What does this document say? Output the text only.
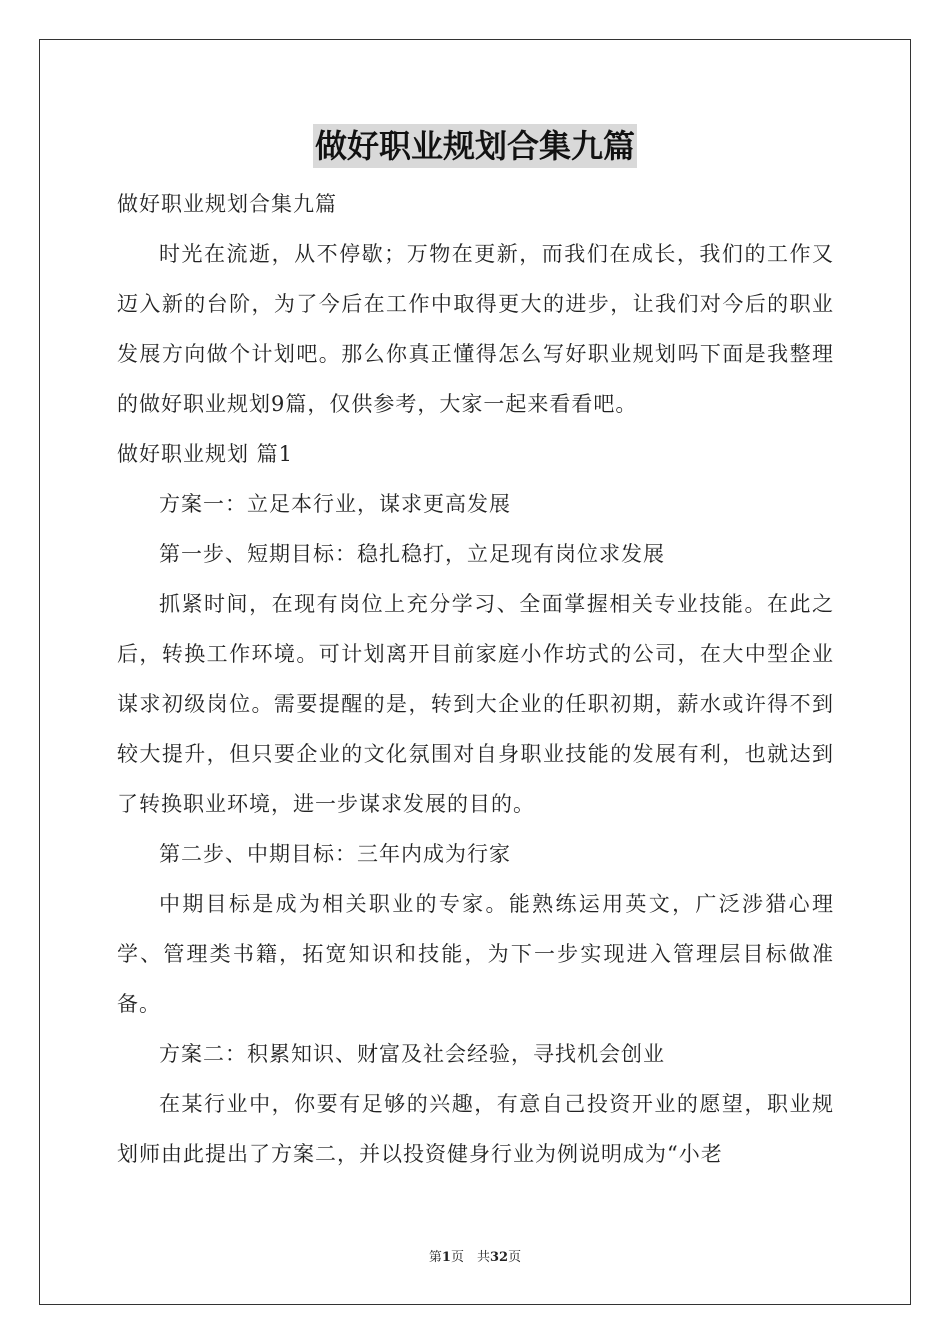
做好职业规划合集九篇

做好职业规划合集九篇

时光在流逝，从不停歇；万物在更新，而我们在成长，我们的工作又迈入新的台阶，为了今后在工作中取得更大的进步，让我们对今后的职业发展方向做个计划吧。那么你真正懂得怎么写好职业规划吗下面是我整理的做好职业规划9篇，仅供参考，大家一起来看看吧。

做好职业规划 篇1

方案一：立足本行业，谋求更高发展

第一步、短期目标：稳扎稳打，立足现有岗位求发展

抓紧时间，在现有岗位上充分学习、全面掌握相关专业技能。在此之后，转换工作环境。可计划离开目前家庭小作坊式的公司，在大中型企业谋求初级岗位。需要提醒的是，转到大企业的任职初期，薪水或许得不到较大提升，但只要企业的文化氛围对自身职业技能的发展有利，也就达到了转换职业环境，进一步谋求发展的目的。

第二步、中期目标：三年内成为行家

中期目标是成为相关职业的专家。能熟练运用英文，广泛涉猎心理学、管理类书籍，拓宽知识和技能，为下一步实现进入管理层目标做准备。

方案二：积累知识、财富及社会经验，寻找机会创业

在某行业中，你要有足够的兴趣，有意自己投资开业的愿望，职业规划师由此提出了方案二，并以投资健身行业为例说明成为“小老

第1页　共32页
